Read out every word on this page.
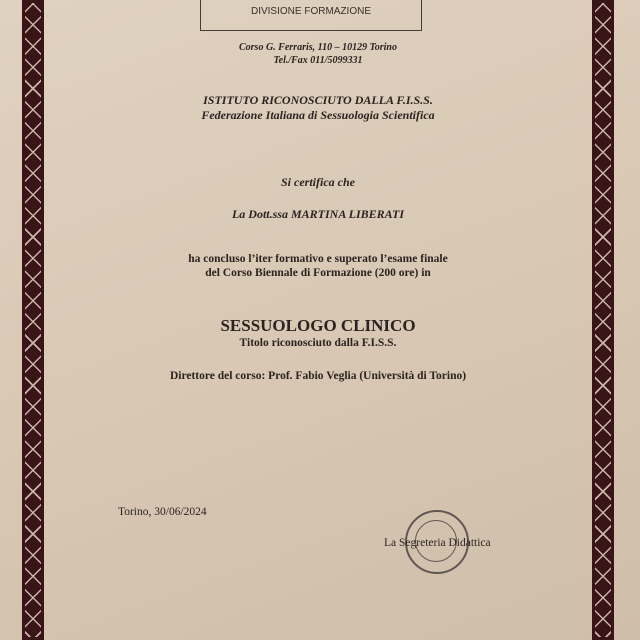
DIVISIONE FORMAZIONE
Corso G. Ferraris, 110 – 10129 Torino
Tel./Fax 011/5099331
ISTITUTO RICONOSCIUTO DALLA F.I.S.S.
Federazione Italiana di Sessuologia Scientifica
Si certifica che
La Dott.ssa MARTINA LIBERATI
ha concluso l’iter formativo e superato l’esame finale
del Corso Biennale di Formazione (200 ore) in
SESSUOLOGO CLINICO
Titolo riconosciuto dalla F.I.S.S.
Direttore del corso: Prof. Fabio Veglia (Università di Torino)
Torino, 30/06/2024
La Segreteria Didattica
